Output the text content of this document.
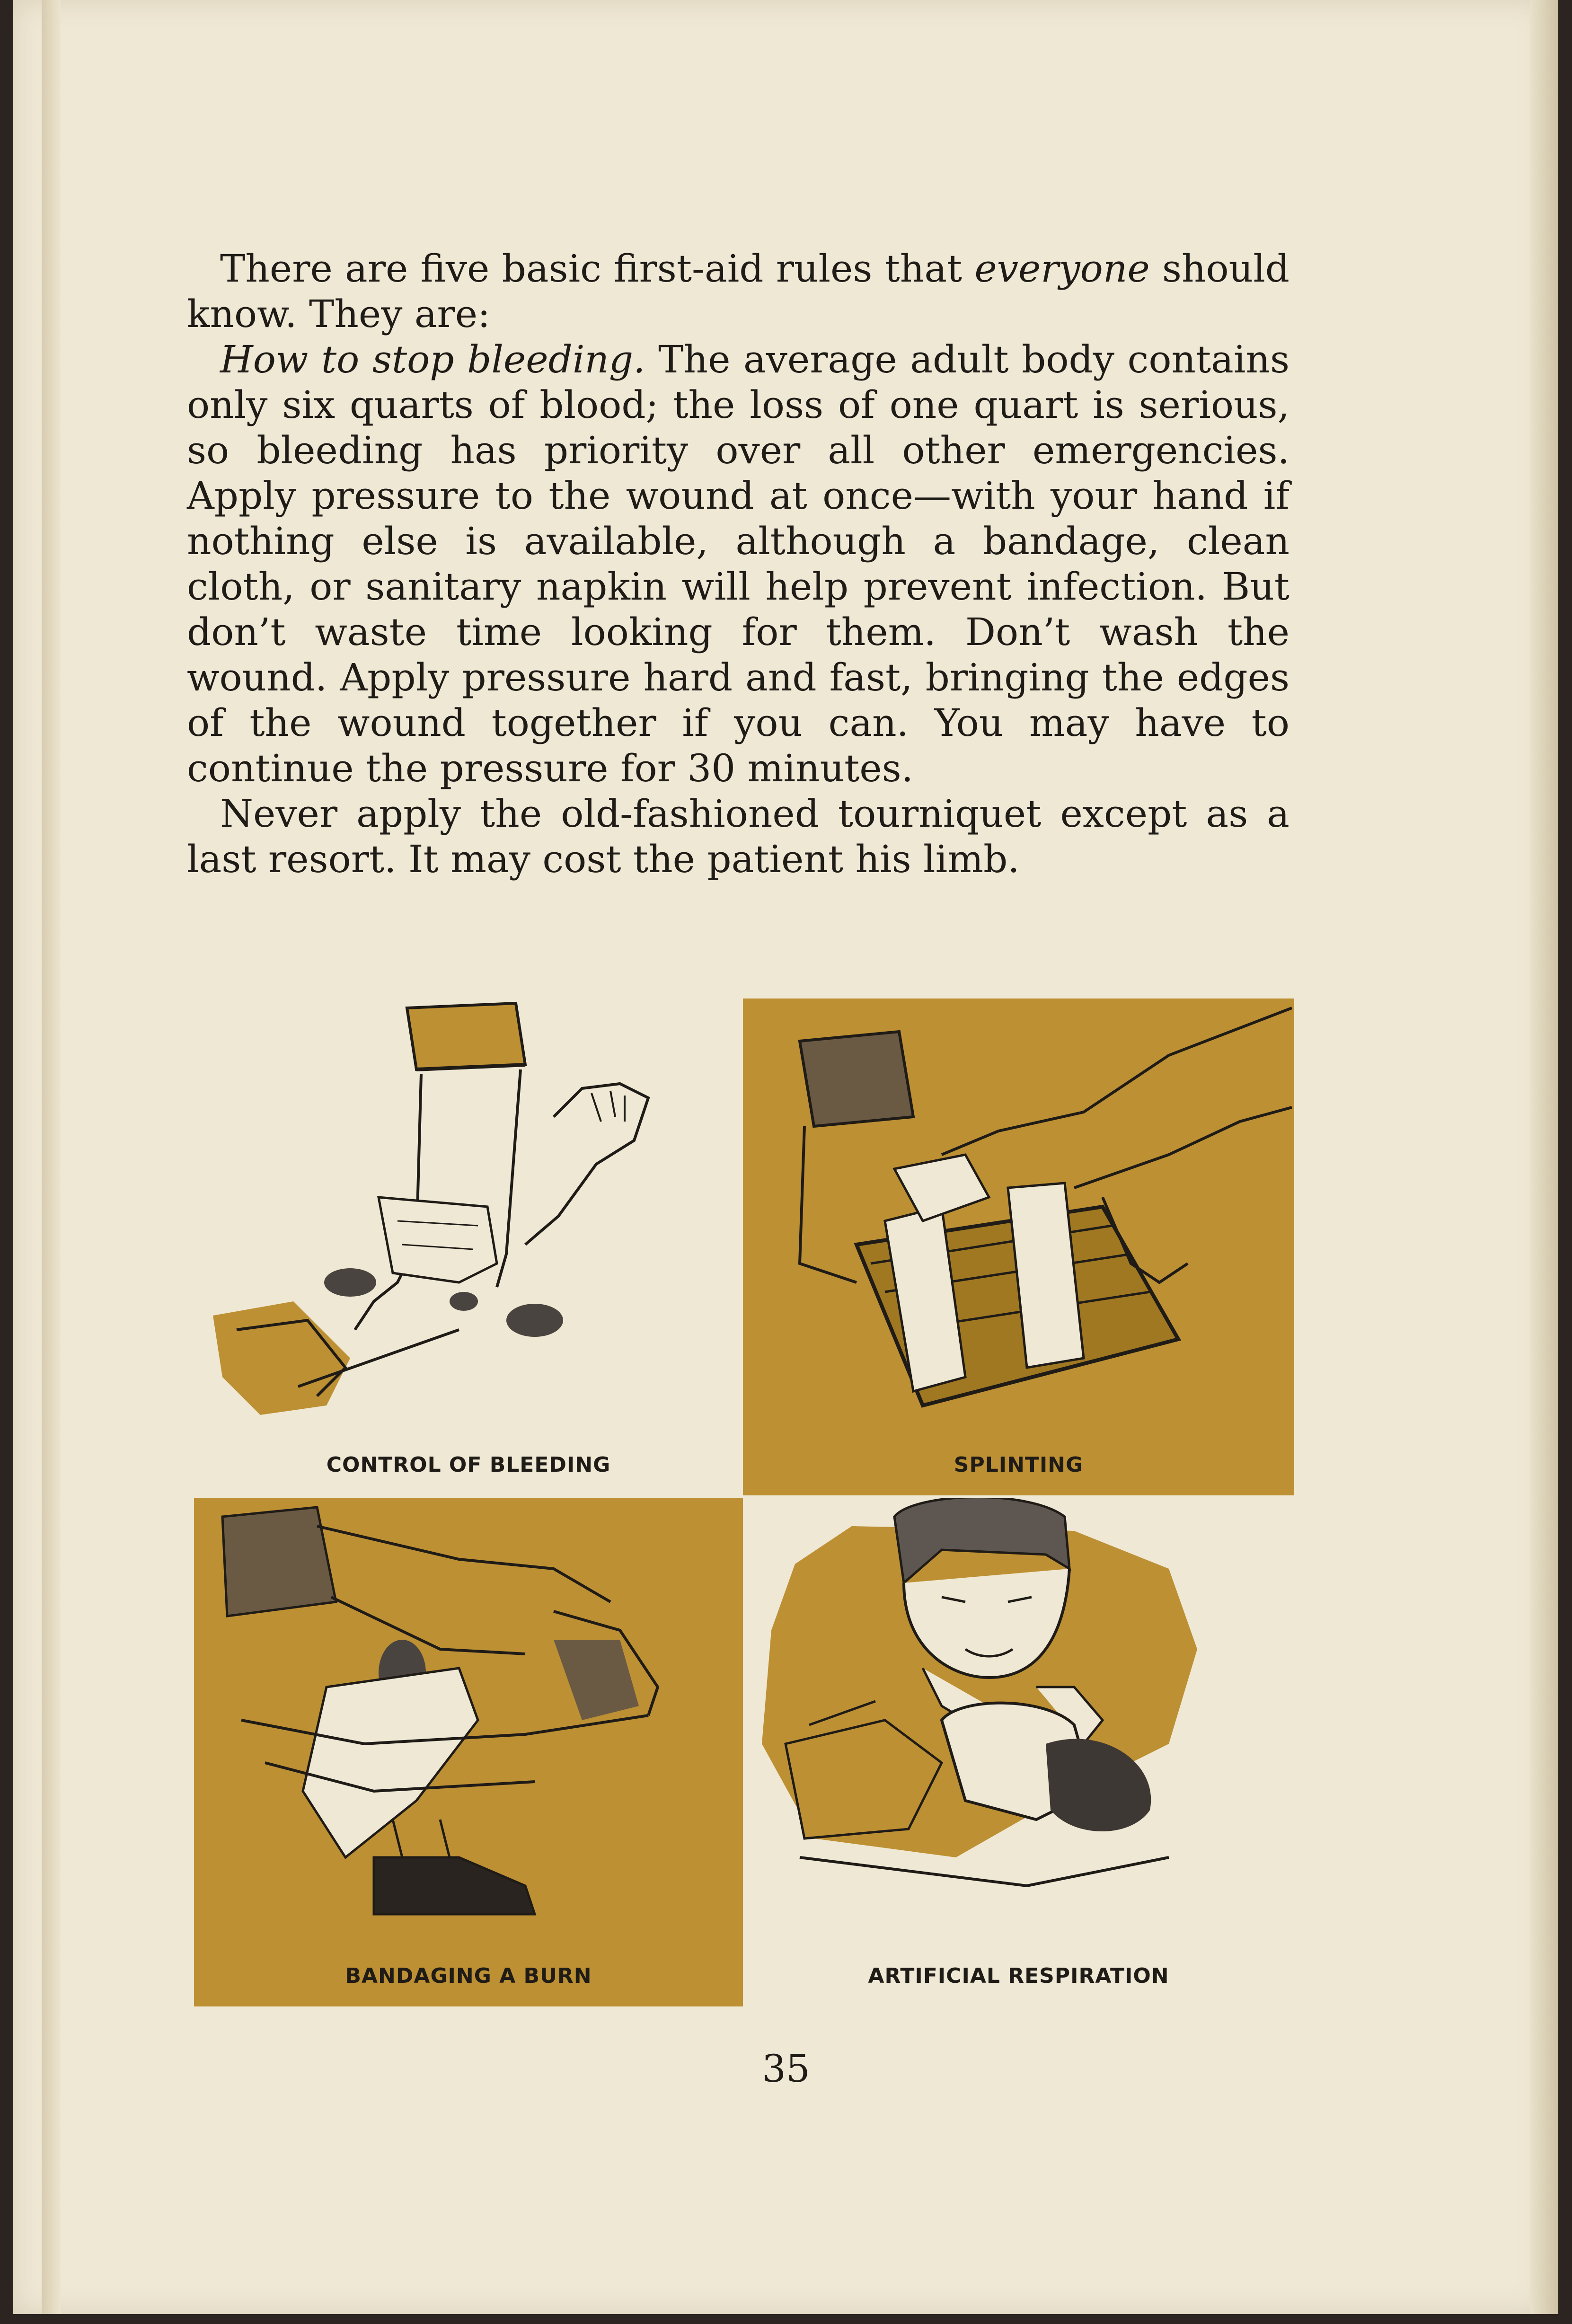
There are five basic first-aid rules that everyone should know. They are:

How to stop bleeding. The average adult body contains only six quarts of blood; the loss of one quart is serious, so bleeding has priority over all other emergencies. Apply pressure to the wound at once—with your hand if nothing else is available, although a bandage, clean cloth, or sanitary napkin will help prevent infection. But don’t waste time looking for them. Don’t wash the wound. Apply pressure hard and fast, bringing the edges of the wound together if you can. You may have to continue the pressure for 30 minutes.

Never apply the old-fashioned tourniquet except as a last resort. It may cost the patient his limb.

CONTROL OF BLEEDING	SPLINTING
BANDAGING A BURN	ARTIFICIAL RESPIRATION
35
